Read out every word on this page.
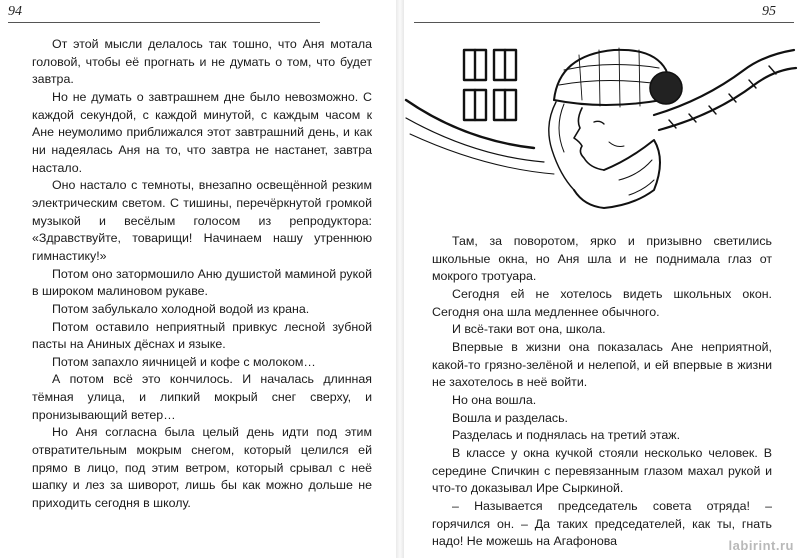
94

От этой мысли делалось так тошно, что Аня мотала головой, чтобы её прогнать и не думать о том, что будет завтра.

Но не думать о завтрашнем дне было невозможно. С каждой секундой, с каждой минутой, с каждым часом к Ане неумолимо приближался этот завтрашний день, и как ни надеялась Аня на то, что завтра не настанет, завтра настало.

Оно настало с темноты, внезапно освещённой резким электрическим светом. С тишины, перечёркнутой громкой музыкой и весёлым голосом из репродуктора: «Здравствуйте, товарищи! Начинаем нашу утреннюю гимнастику!»

Потом оно затормошило Аню душистой маминой рукой в широком малиновом рукаве.

Потом забулькало холодной водой из крана.

Потом оставило неприятный привкус лесной зубной пасты на Аниных дёснах и языке.

Потом запахло яичницей и кофе с молоком…

А потом всё это кончилось. И началась длинная тёмная улица, и липкий мокрый снег сверху, и пронизывающий ветер…

Но Аня согласна была целый день идти под этим отвратительным мокрым снегом, который целился ей прямо в лицо, под этим ветром, который срывал с неё шапку и лез за шиворот, лишь бы как можно дольше не приходить сегодня в школу.

95

Там, за поворотом, ярко и призывно светились школьные окна, но Аня шла и не поднимала глаз от мокрого тротуара.

Сегодня ей не хотелось видеть школьных окон. Сегодня она шла медленнее обычного.

И всё-таки вот она, школа.

Впервые в жизни она показалась Ане неприятной, какой-то грязно-зелёной и нелепой, и ей впервые в жизни не захотелось в неё войти.

Но она вошла.

Вошла и разделась.

Разделась и поднялась на третий этаж.

В классе у окна кучкой стояли несколько человек. В середине Спичкин с перевязанным глазом махал рукой и что-то доказывал Ире Сыркиной.

– Называется председатель совета отряда! – горячился он. – Да таких председателей, как ты, гнать надо! Не можешь на Агафонова	labirint.ru
